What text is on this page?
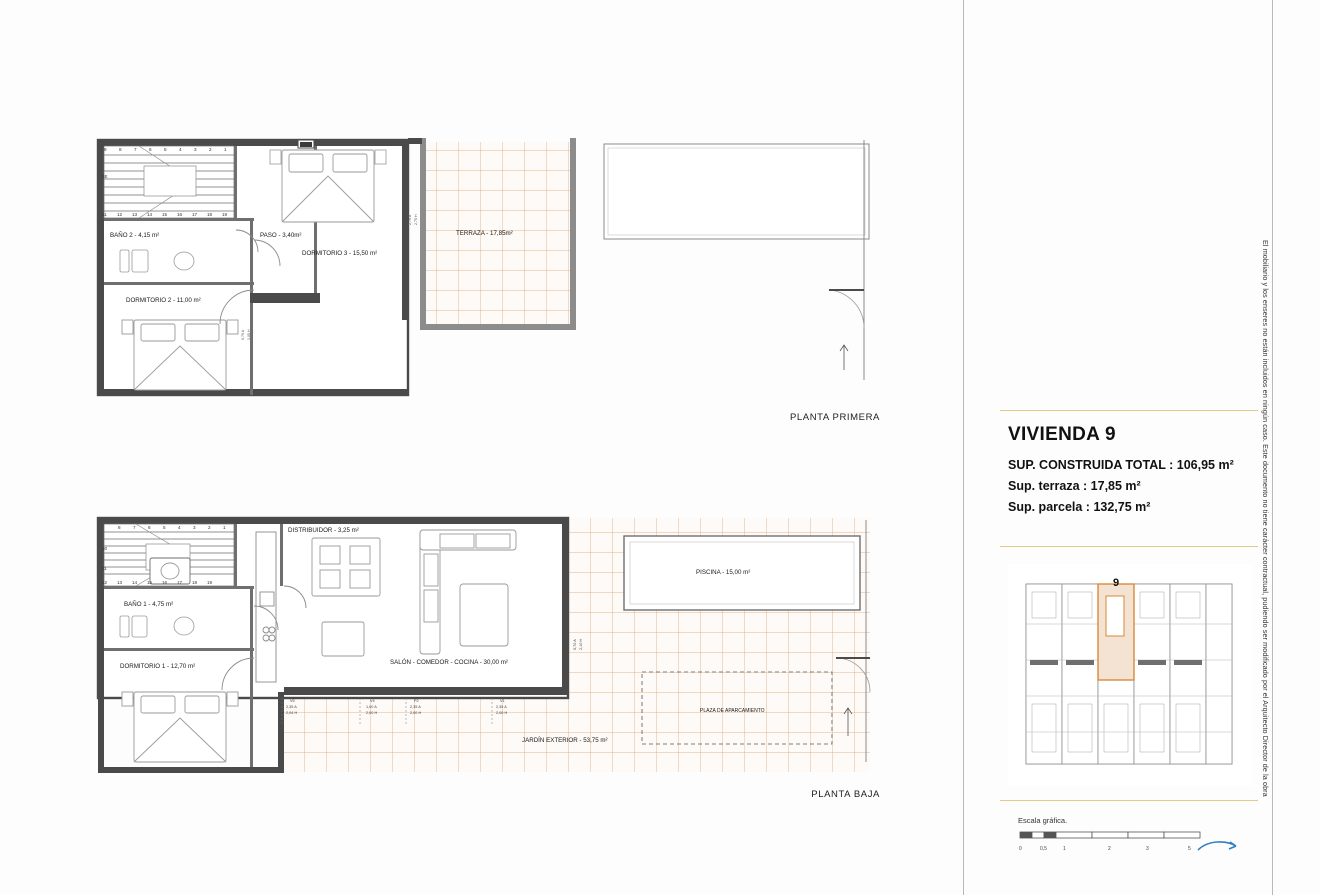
BAÑO 2 - 4,15 m²	PASO - 3,40m²
DORMITORIO 3 - 15,50 m²
TERRAZA - 17,85m²
DORMITORIO 2 - 11,00 m²
9	8	7	6	5	4	3	2	1
11 12 13 14 15 16 17 18 19
1E
2,70 A 2,75 H
0,70 A 1,05 H
PLANTA PRIMERA
DISTRIBUIDOR - 3,25 m²
BAÑO 1 - 4,75 m²
DORMITORIO 1 - 12,70 m²
SALÓN - COMEDOR - COCINA - 30,00 m²
PISCINA - 15,00 m²
JARDÍN EXTERIOR - 53,75 m²
PLAZA DE APARCAMIENTO
8	7	6	5	4	3	2	1
12 13 14 15 16 17 18 19
10
11
V5
2,35 A
2,04 H
V4
1,00 A
2,00 H
P2
2,35 A
2,00 H
V1
2,35 A
2,00 H
0,70 A 2,10 H
PLANTA BAJA
VIVIENDA 9
SUP. CONSTRUIDA TOTAL : 106,95 m²
Sup. terraza : 17,85 m²
Sup. parcela : 132,75 m²
9
Escala gráfica.
0	0,5	1	2	3	5
El mobiliario y los enseres no están incluidos en ningún caso. Este documento no tiene carácter contractual, pudiendo ser modificado por el Arquitecto Director de la obra
